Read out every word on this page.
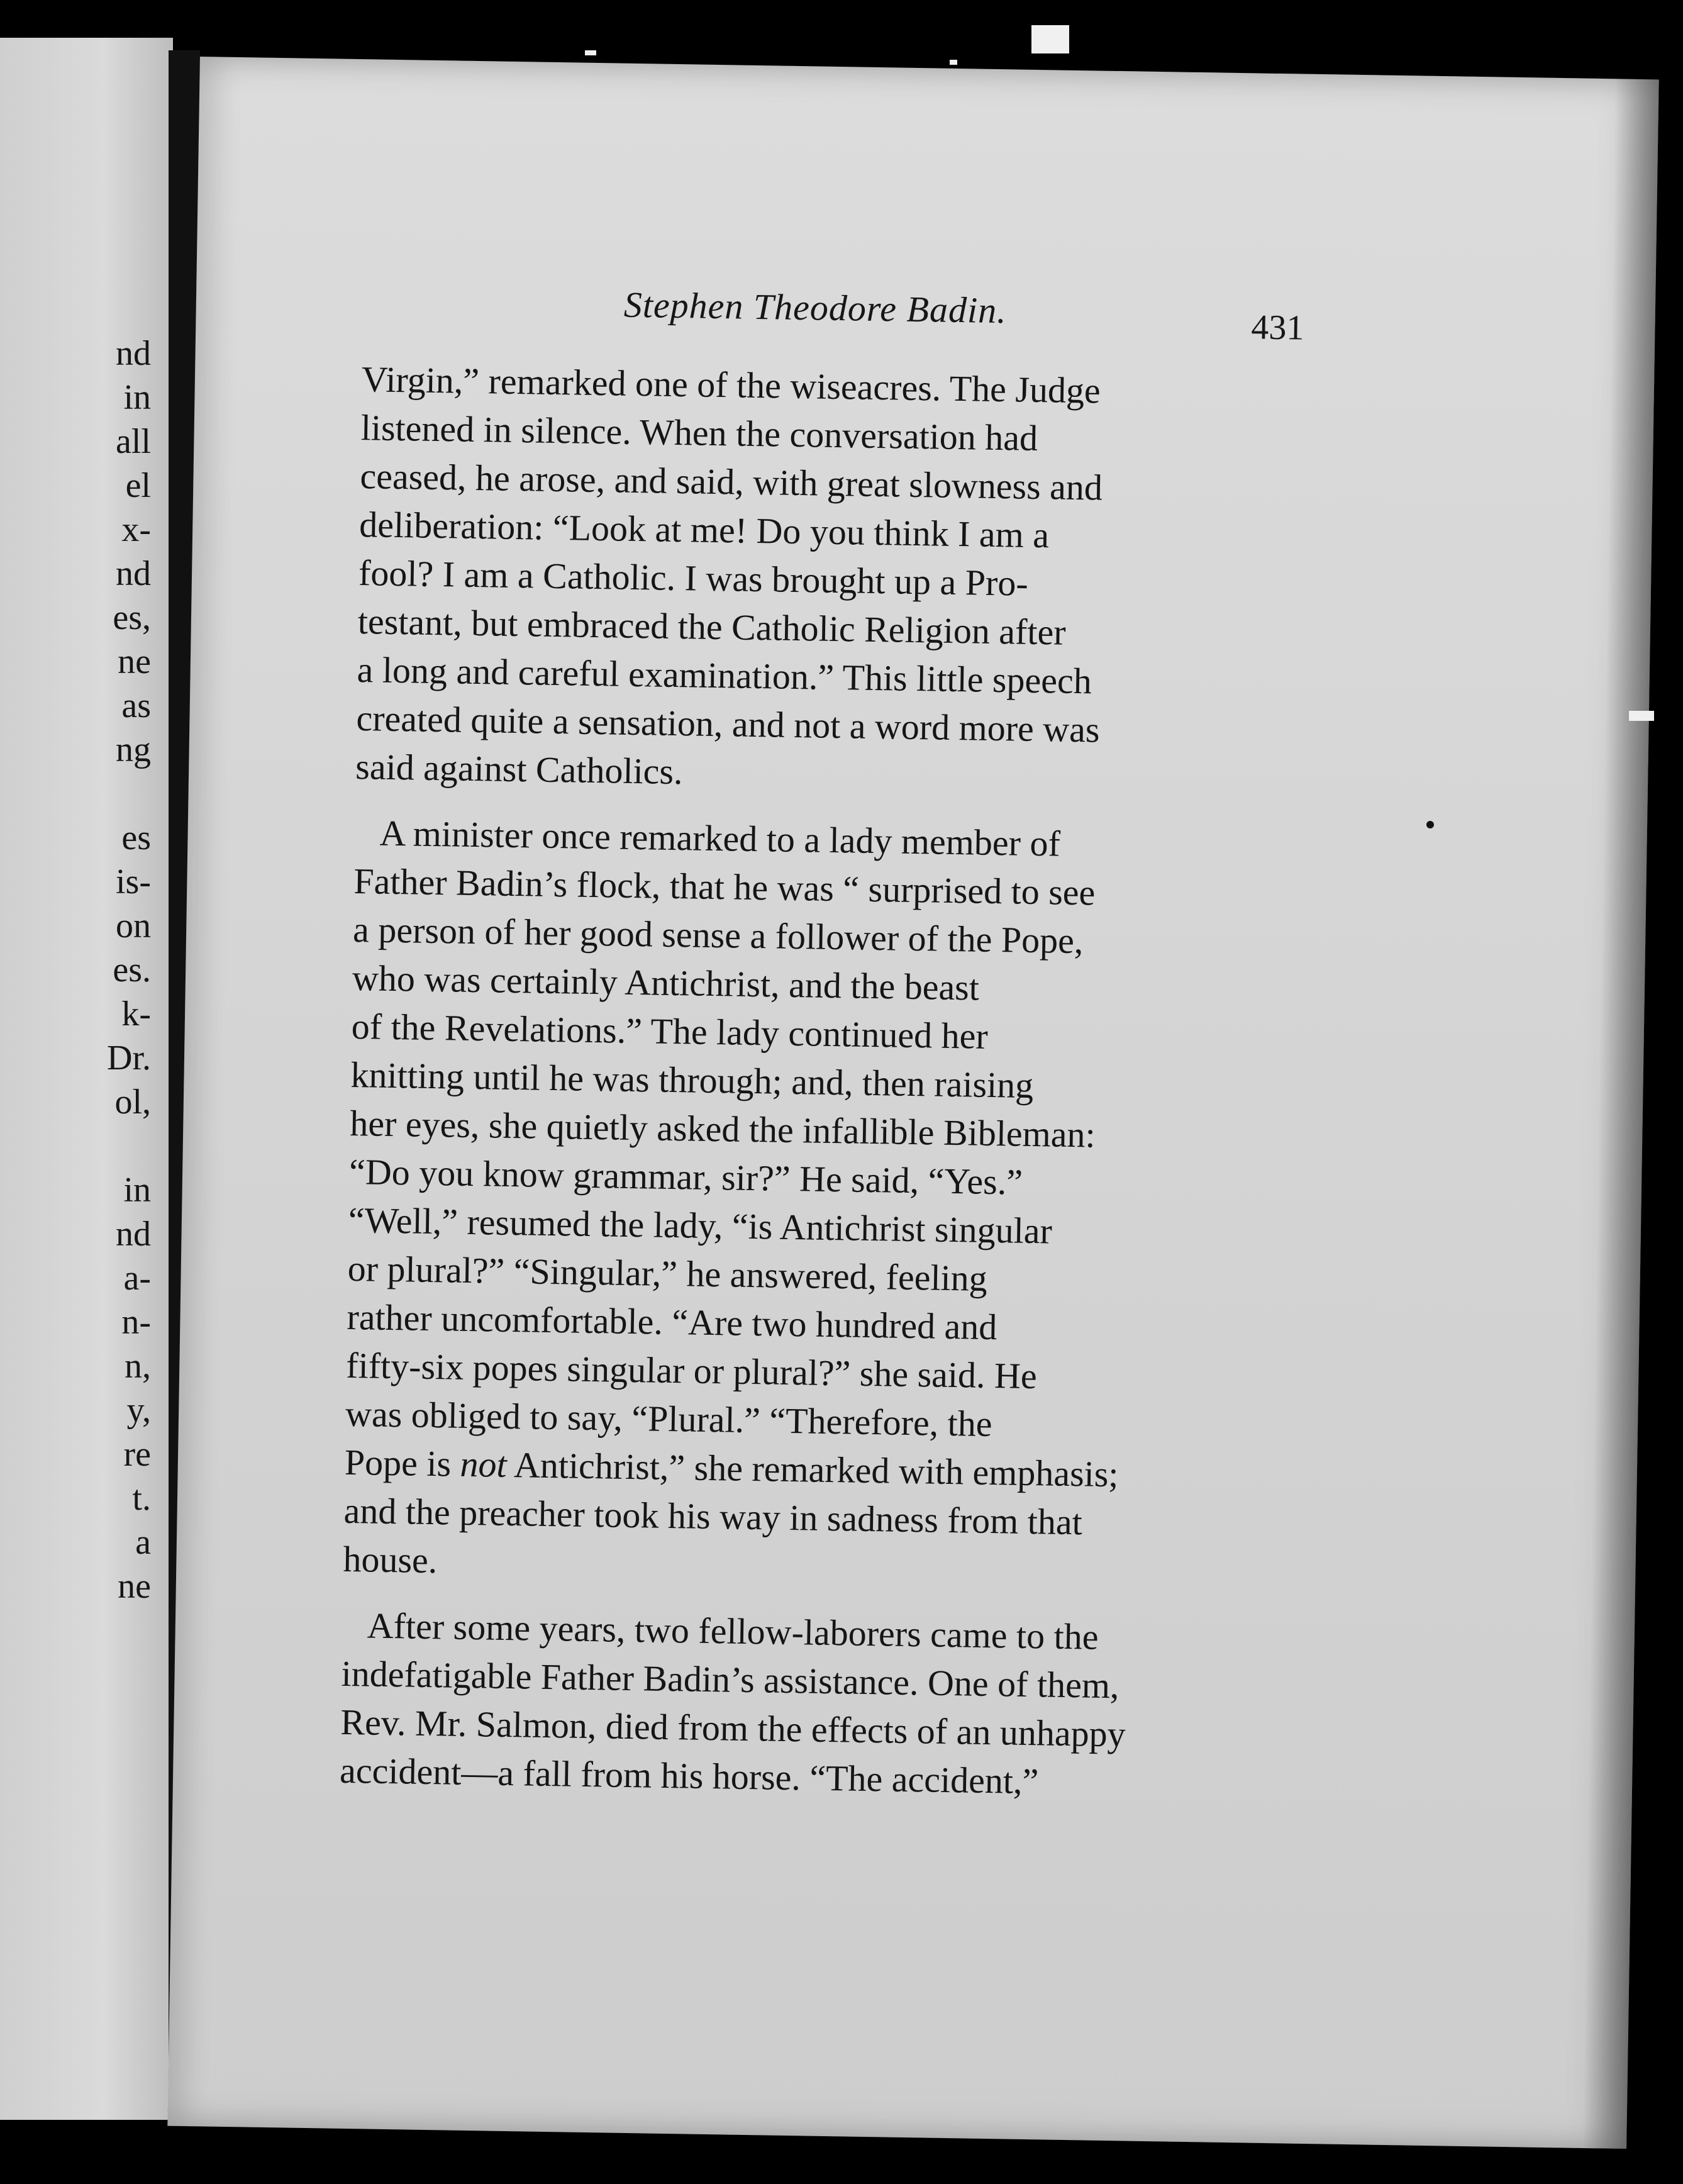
nd
in
all
el
x-
nd
es,
ne
as
ng
es
is-
on
es.
k-
Dr.
ol,
in
nd
a-
n-
n,
y,
re
t.
a
ne
Stephen Theodore Badin.	431
Virgin,” remarked one of the wiseacres. The Judge
listened in silence. When the conversation had
ceased, he arose, and said, with great slowness and
deliberation: “Look at me! Do you think I am a
fool? I am a Catholic. I was brought up a Pro-
testant, but embraced the Catholic Religion after
a long and careful examination.” This little speech
created quite a sensation, and not a word more was
said against Catholics.
A minister once remarked to a lady member of
Father Badin’s flock, that he was “ surprised to see
a person of her good sense a follower of the Pope,
who was certainly Antichrist, and the beast
of the Revelations.” The lady continued her
knitting until he was through; and, then raising
her eyes, she quietly asked the infallible Bibleman:
“Do you know grammar, sir?” He said, “Yes.”
“Well,” resumed the lady, “is Antichrist singular
or plural?” “Singular,” he answered, feeling
rather uncomfortable. “Are two hundred and
fifty-six popes singular or plural?” she said. He
was obliged to say, “Plural.” “Therefore, the
Pope is not Antichrist,” she remarked with emphasis;
and the preacher took his way in sadness from that
house.
After some years, two fellow-laborers came to the
indefatigable Father Badin’s assistance. One of them,
Rev. Mr. Salmon, died from the effects of an unhappy
accident—a fall from his horse. “The accident,”
